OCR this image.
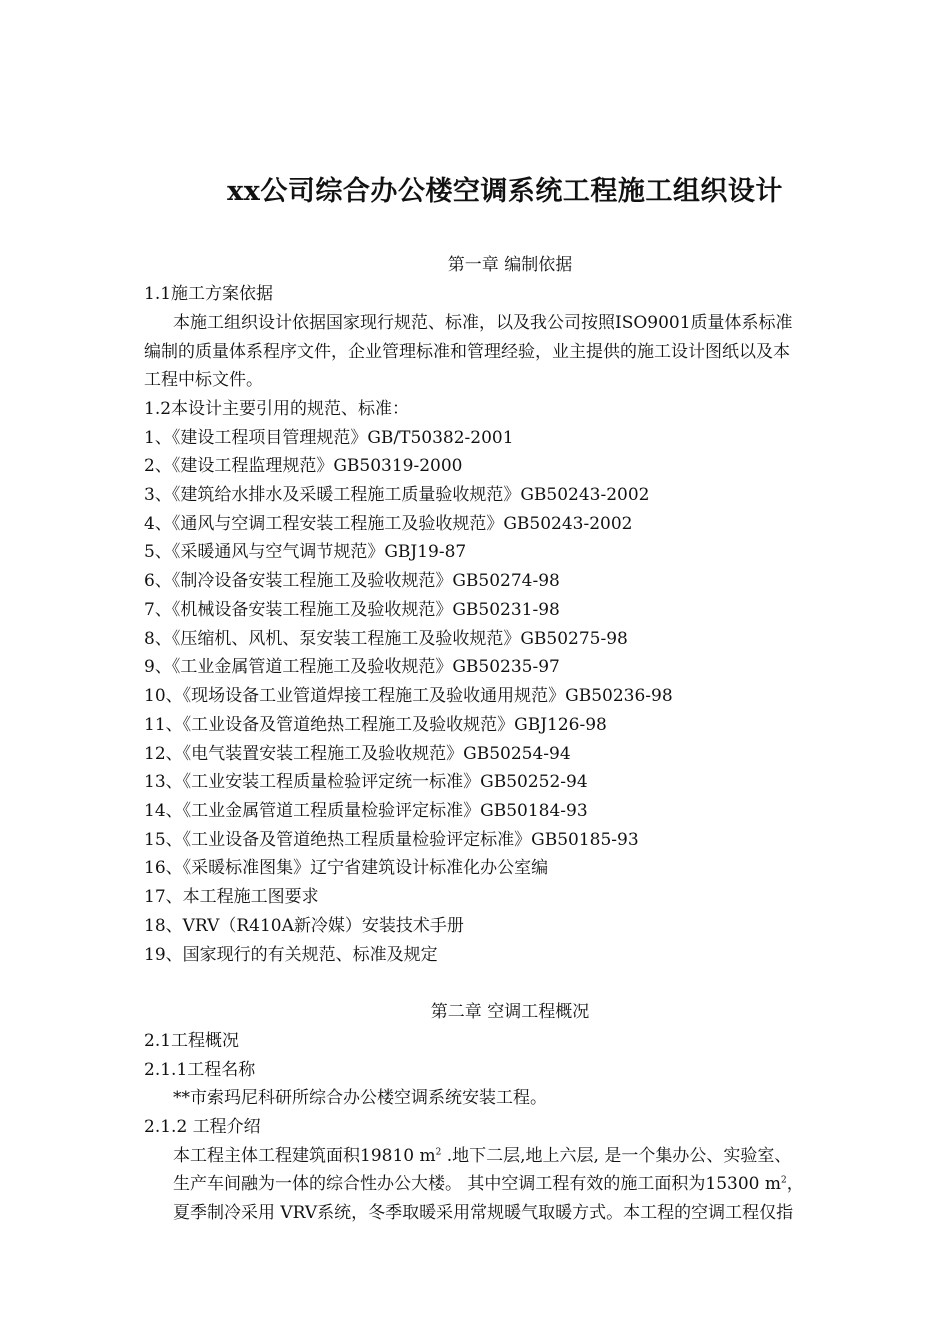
xx公司综合办公楼空调系统工程施工组织设计
第一章 编制依据
1.1施工方案依据
本施工组织设计依据国家现行规范、标准，以及我公司按照ISO9001质量体系标准
编制的质量体系程序文件，企业管理标准和管理经验，业主提供的施工设计图纸以及本
工程中标文件。
1.2本设计主要引用的规范、标准：
1、《建设工程项目管理规范》GB/T50382-2001
2、《建设工程监理规范》GB50319-2000
3、《建筑给水排水及采暖工程施工质量验收规范》GB50243-2002
4、《通风与空调工程安装工程施工及验收规范》GB50243-2002
5、《采暖通风与空气调节规范》GBJ19-87
6、《制冷设备安装工程施工及验收规范》GB50274-98
7、《机械设备安装工程施工及验收规范》GB50231-98
8、《压缩机、风机、泵安装工程施工及验收规范》GB50275-98
9、《工业金属管道工程施工及验收规范》GB50235-97
10、《现场设备工业管道焊接工程施工及验收通用规范》GB50236-98
11、《工业设备及管道绝热工程施工及验收规范》GBJ126-98
12、《电气装置安装工程施工及验收规范》GB50254-94
13、《工业安装工程质量检验评定统一标准》GB50252-94
14、《工业金属管道工程质量检验评定标准》GB50184-93
15、《工业设备及管道绝热工程质量检验评定标准》GB50185-93
16、《采暖标准图集》辽宁省建筑设计标准化办公室编
17、本工程施工图要求
18、VRV（R410A新冷媒）安装技术手册
19、国家现行的有关规范、标准及规定
第二章 空调工程概况
2.1工程概况
2.1.1工程名称
**市索玛尼科研所综合办公楼空调系统安装工程。
2.1.2 工程介绍
本工程主体工程建筑面积19810 $m^2$ .地下二层,地上六层, 是一个集办公、实验室、
生产车间融为一体的综合性办公大楼。 其中空调工程有效的施工面积为15300 $m^2$，
夏季制冷采用 VRV系统，冬季取暖采用常规暖气取暖方式。本工程的空调工程仅指
